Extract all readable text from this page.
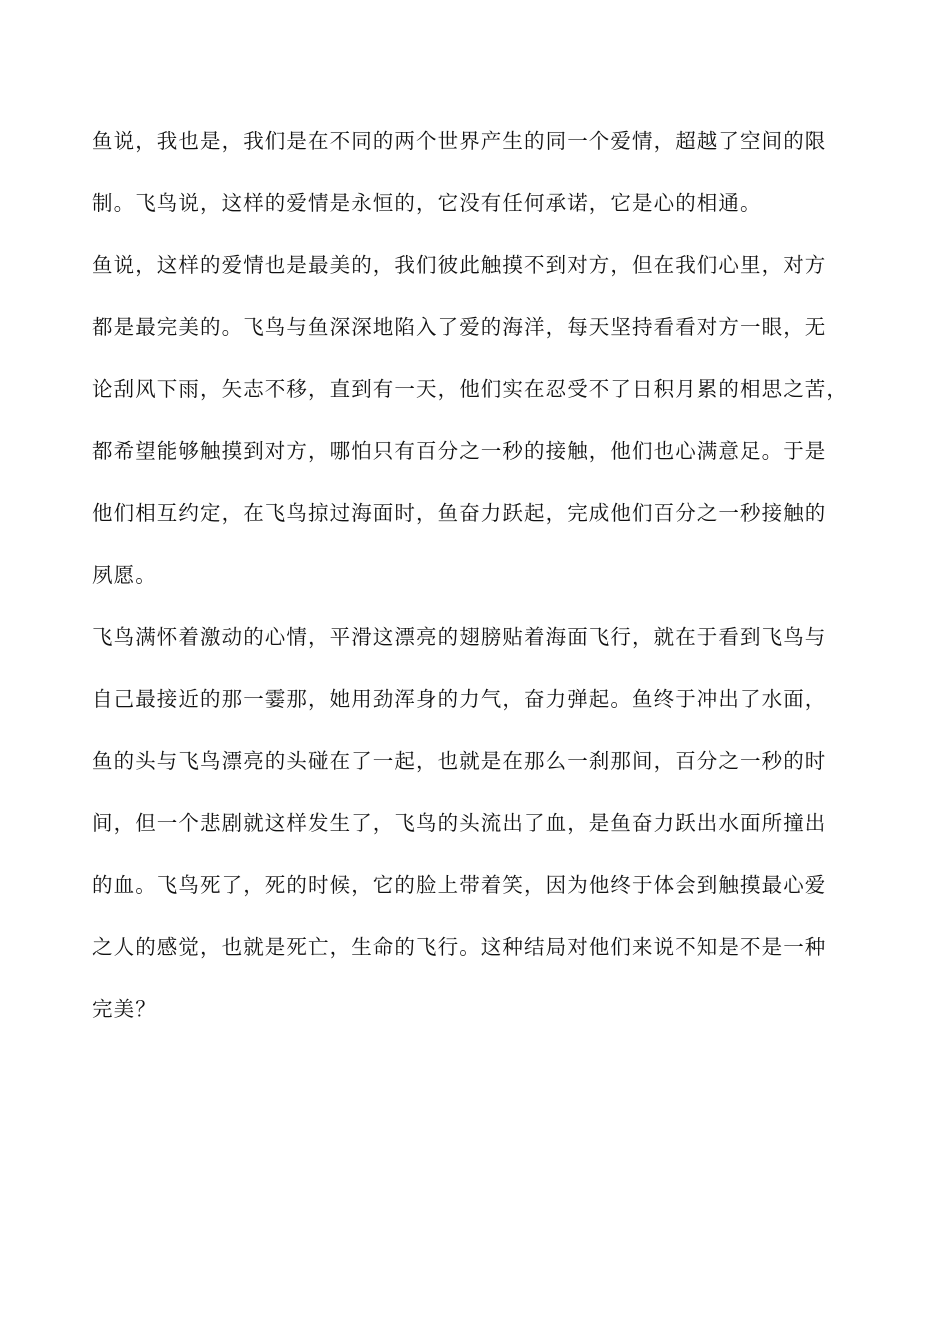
鱼说，我也是，我们是在不同的两个世界产生的同一个爱情，超越了空间的限
制。飞鸟说，这样的爱情是永恒的，它没有任何承诺，它是心的相通。
鱼说，这样的爱情也是最美的，我们彼此触摸不到对方，但在我们心里，对方
都是最完美的。飞鸟与鱼深深地陷入了爱的海洋，每天坚持看看对方一眼，无
论刮风下雨，矢志不移，直到有一天，他们实在忍受不了日积月累的相思之苦，
都希望能够触摸到对方，哪怕只有百分之一秒的接触，他们也心满意足。于是
他们相互约定，在飞鸟掠过海面时，鱼奋力跃起，完成他们百分之一秒接触的
夙愿。
飞鸟满怀着激动的心情，平滑这漂亮的翅膀贴着海面飞行，就在于看到飞鸟与
自己最接近的那一霎那，她用劲浑身的力气，奋力弹起。鱼终于冲出了水面，
鱼的头与飞鸟漂亮的头碰在了一起，也就是在那么一刹那间，百分之一秒的时
间，但一个悲剧就这样发生了，飞鸟的头流出了血，是鱼奋力跃出水面所撞出
的血。飞鸟死了，死的时候，它的脸上带着笑，因为他终于体会到触摸最心爱
之人的感觉，也就是死亡，生命的飞行。这种结局对他们来说不知是不是一种
完美？
